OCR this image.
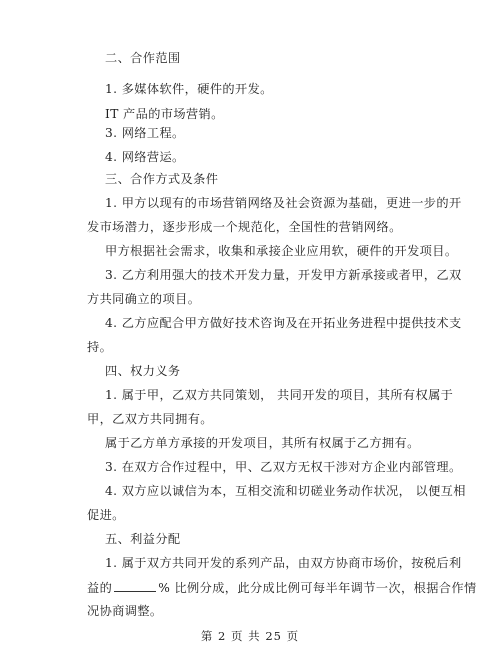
二、合作范围
1. 多媒体软件，硬件的开发。
IT 产品的市场营销。
3. 网络工程。
4. 网络营运。
三、合作方式及条件
1. 甲方以现有的市场营销网络及社会资源为基础，更进一步的开
发市场潜力，逐步形成一个规范化，全国性的营销网络。
甲方根据社会需求，收集和承接企业应用软，硬件的开发项目。
3. 乙方利用强大的技术开发力量，开发甲方新承接或者甲，乙双
方共同确立的项目。
4. 乙方应配合甲方做好技术咨询及在开拓业务进程中提供技术支
持。
四、权力义务
1. 属于甲，乙双方共同策划， 共同开发的项目，其所有权属于
甲，乙双方共同拥有。
属于乙方单方承接的开发项目，其所有权属于乙方拥有。
3. 在双方合作过程中，甲、乙双方无权干涉对方企业内部管理。
4. 双方应以诚信为本，互相交流和切磋业务动作状况， 以便互相
促进。
五、利益分配
1. 属于双方共同开发的系列产品，由双方协商市场价，按税后利
益的	% 比例分成，此分成比例可每半年调节一次，根据合作情
况协商调整。
第 2 页 共 25 页
